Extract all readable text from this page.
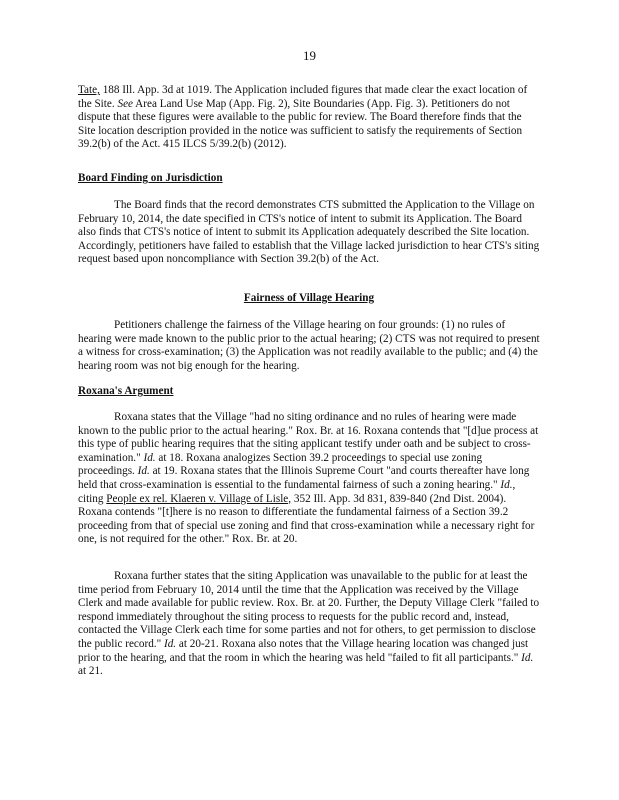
19

Tate, 188 Ill. App. 3d at 1019. The Application included figures that made clear the exact location of the Site. See Area Land Use Map (App. Fig. 2), Site Boundaries (App. Fig. 3). Petitioners do not dispute that these figures were available to the public for review. The Board therefore finds that the Site location description provided in the notice was sufficient to satisfy the requirements of Section 39.2(b) of the Act. 415 ILCS 5/39.2(b) (2012).

Board Finding on Jurisdiction

The Board finds that the record demonstrates CTS submitted the Application to the Village on February 10, 2014, the date specified in CTS's notice of intent to submit its Application. The Board also finds that CTS's notice of intent to submit its Application adequately described the Site location. Accordingly, petitioners have failed to establish that the Village lacked jurisdiction to hear CTS's siting request based upon noncompliance with Section 39.2(b) of the Act.

Fairness of Village Hearing

Petitioners challenge the fairness of the Village hearing on four grounds: (1) no rules of hearing were made known to the public prior to the actual hearing; (2) CTS was not required to present a witness for cross-examination; (3) the Application was not readily available to the public; and (4) the hearing room was not big enough for the hearing.

Roxana's Argument

Roxana states that the Village "had no siting ordinance and no rules of hearing were made known to the public prior to the actual hearing." Rox. Br. at 16. Roxana contends that "[d]ue process at this type of public hearing requires that the siting applicant testify under oath and be subject to cross-examination." Id. at 18. Roxana analogizes Section 39.2 proceedings to special use zoning proceedings. Id. at 19. Roxana states that the Illinois Supreme Court "and courts thereafter have long held that cross-examination is essential to the fundamental fairness of such a zoning hearing." Id., citing People ex rel. Klaeren v. Village of Lisle, 352 Ill. App. 3d 831, 839-840 (2nd Dist. 2004). Roxana contends "[t]here is no reason to differentiate the fundamental fairness of a Section 39.2 proceeding from that of special use zoning and find that cross-examination while a necessary right for one, is not required for the other." Rox. Br. at 20.

Roxana further states that the siting Application was unavailable to the public for at least the time period from February 10, 2014 until the time that the Application was received by the Village Clerk and made available for public review. Rox. Br. at 20. Further, the Deputy Village Clerk "failed to respond immediately throughout the siting process to requests for the public record and, instead, contacted the Village Clerk each time for some parties and not for others, to get permission to disclose the public record." Id. at 20-21. Roxana also notes that the Village hearing location was changed just prior to the hearing, and that the room in which the hearing was held "failed to fit all participants." Id. at 21.
